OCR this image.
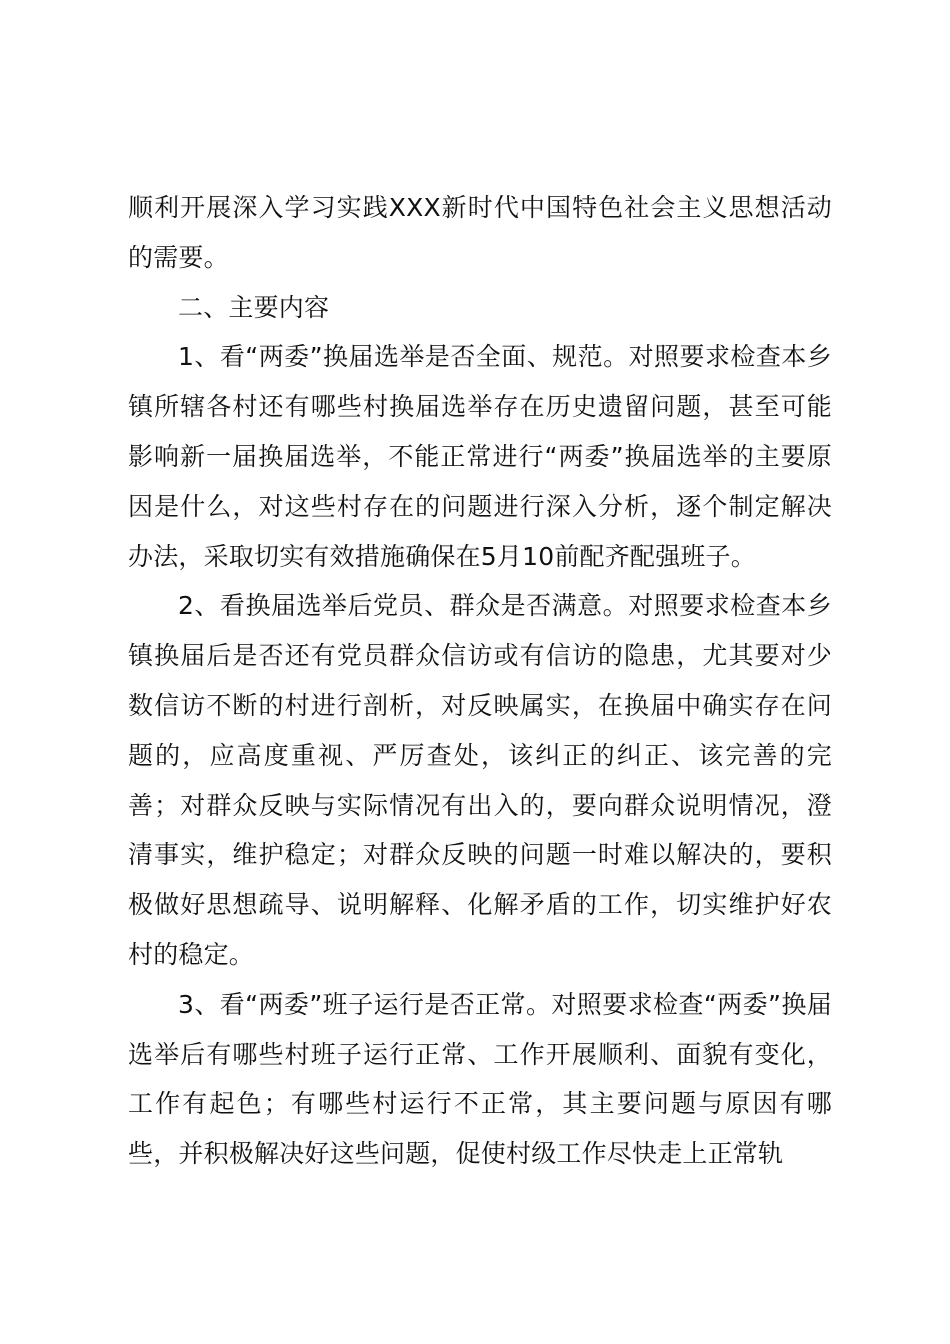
顺利开展深入学习实践XXX新时代中国特色社会主义思想活动的需要。

二、主要内容

1、看“两委”换届选举是否全面、规范。对照要求检查本乡镇所辖各村还有哪些村换届选举存在历史遗留问题，甚至可能影响新一届换届选举，不能正常进行“两委”换届选举的主要原因是什么，对这些村存在的问题进行深入分析，逐个制定解决办法，采取切实有效措施确保在5月10前配齐配强班子。

2、看换届选举后党员、群众是否满意。对照要求检查本乡镇换届后是否还有党员群众信访或有信访的隐患，尤其要对少数信访不断的村进行剖析，对反映属实，在换届中确实存在问题的，应高度重视、严厉查处，该纠正的纠正、该完善的完善；对群众反映与实际情况有出入的，要向群众说明情况，澄清事实，维护稳定；对群众反映的问题一时难以解决的，要积极做好思想疏导、说明解释、化解矛盾的工作，切实维护好农村的稳定。

3、看“两委”班子运行是否正常。对照要求检查“两委”换届选举后有哪些村班子运行正常、工作开展顺利、面貌有变化，工作有起色；有哪些村运行不正常，其主要问题与原因有哪些，并积极解决好这些问题，促使村级工作尽快走上正常轨
